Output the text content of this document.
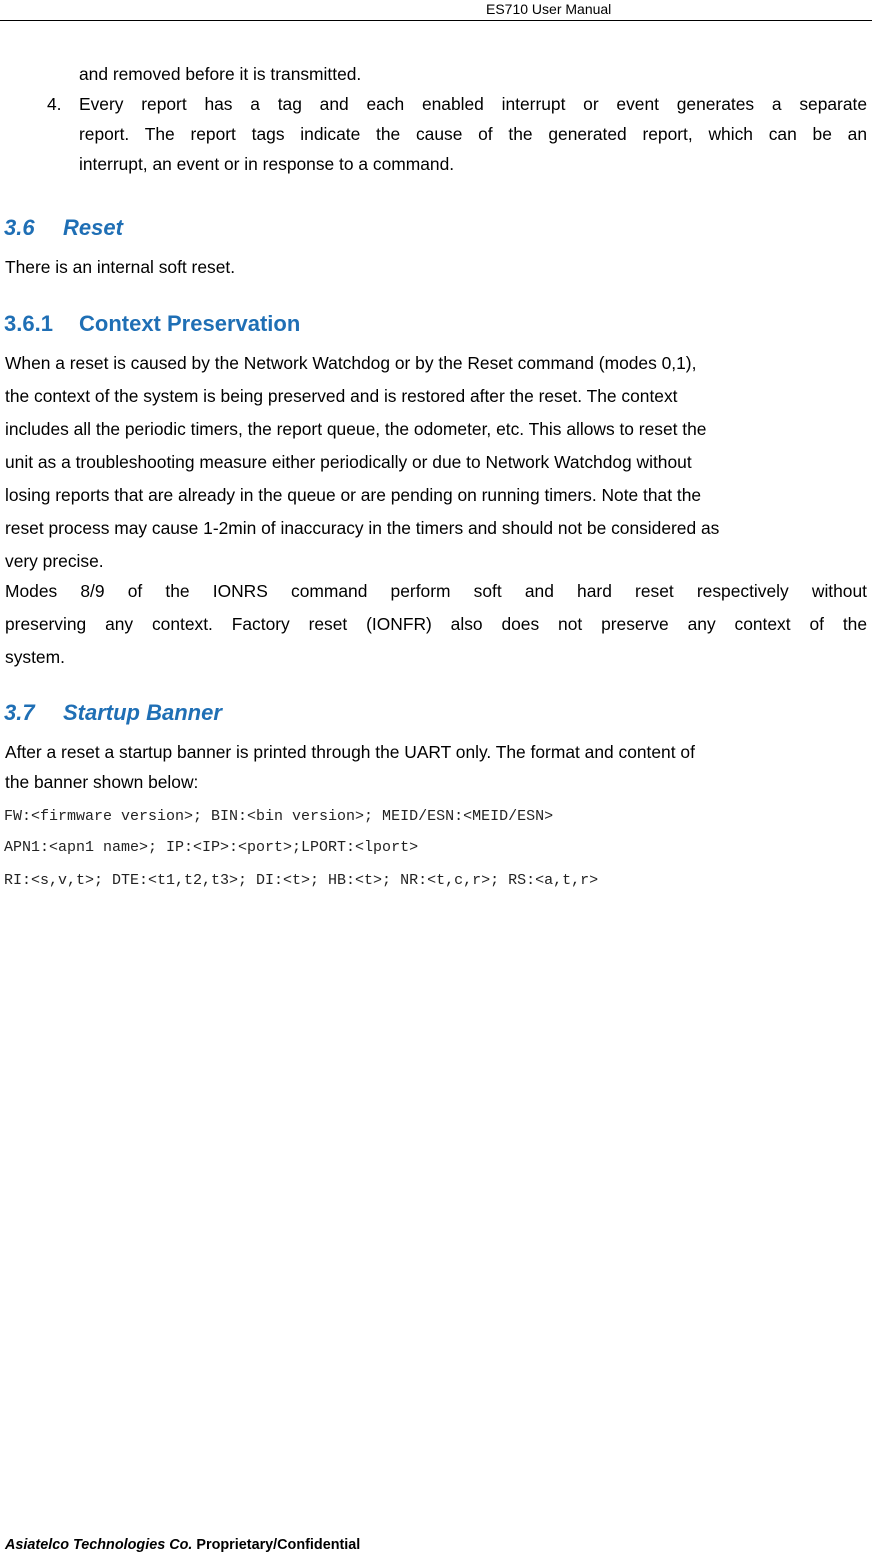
ES710 User Manual

and removed before it is transmitted.

4. Every report has a tag and each enabled interrupt or event generates a separate

report. The report tags indicate the cause of the generated report, which can be an

interrupt, an event or in response to a command.

3.6 Reset

There is an internal soft reset.

3.6.1 Context Preservation

When a reset is caused by the Network Watchdog or by the Reset command (modes 0,1),

the context of the system is being preserved and is restored after the reset. The context

includes all the periodic timers, the report queue, the odometer, etc. This allows to reset the

unit as a troubleshooting measure either periodically or due to Network Watchdog without

losing reports that are already in the queue or are pending on running timers. Note that the

reset process may cause 1-2min of inaccuracy in the timers and should not be considered as

very precise.

Modes 8/9 of the IONRS command perform soft and hard reset respectively without

preserving any context. Factory reset (IONFR) also does not preserve any context of the

system.

3.7 Startup Banner

After a reset a startup banner is printed through the UART only. The format and content of

the banner shown below:

FW:<firmware version>; BIN:<bin version>; MEID/ESN:<MEID/ESN>
APN1:<apn1 name>; IP:<IP>:<port>;LPORT:<lport>
RI:<s,v,t>; DTE:<t1,t2,t3>; DI:<t>; HB:<t>; NR:<t,c,r>; RS:<a,t,r>
Asiatelco Technologies Co. Proprietary/Confidential
